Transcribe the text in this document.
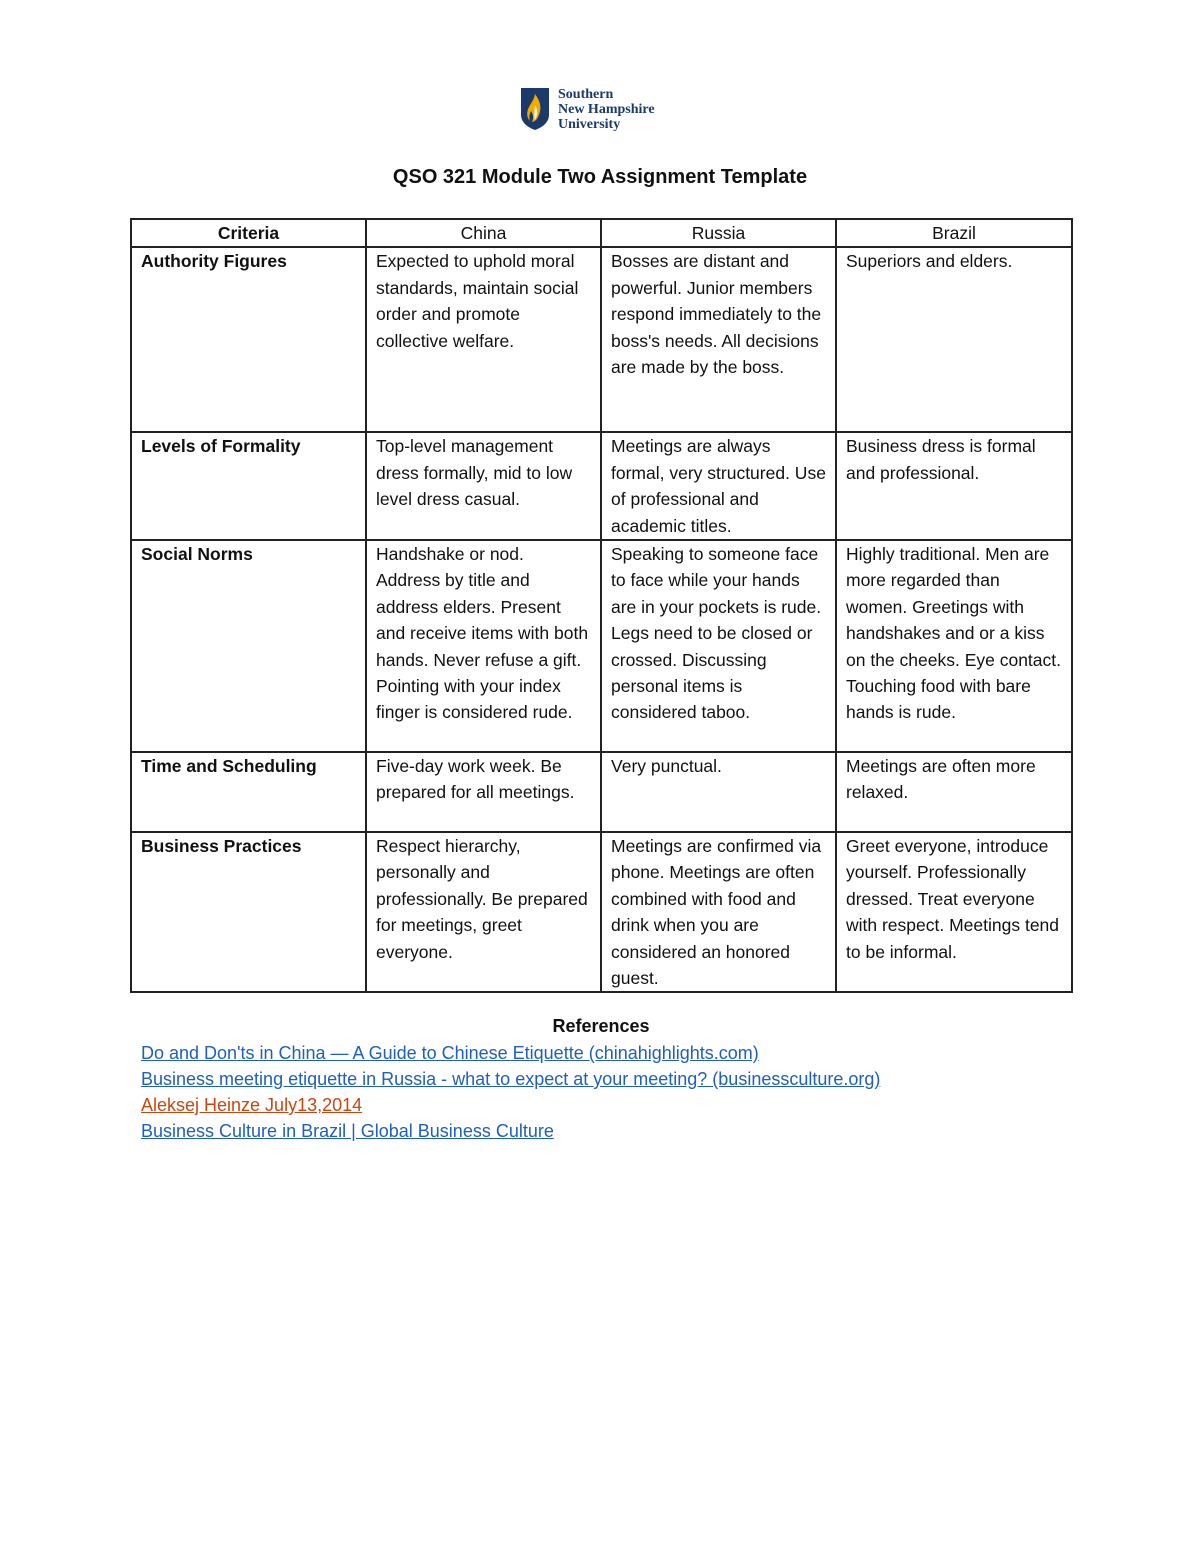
Southern
New Hampshire
University
QSO 321 Module Two Assignment Template
Criteria	China	Russia	Brazil
Authority Figures	Expected to uphold moral standards, maintain social order and promote collective welfare.	Bosses are distant and powerful. Junior members respond immediately to the boss's needs. All decisions are made by the boss.	Superiors and elders.
Levels of Formality	Top-level management dress formally, mid to low level dress casual.	Meetings are always formal, very structured. Use of professional and academic titles.	Business dress is formal and professional.
Social Norms	Handshake or nod. Address by title and address elders. Present and receive items with both hands. Never refuse a gift. Pointing with your index finger is considered rude.	Speaking to someone face to face while your hands are in your pockets is rude. Legs need to be closed or crossed. Discussing personal items is considered taboo.	Highly traditional. Men are more regarded than women. Greetings with handshakes and or a kiss on the cheeks. Eye contact. Touching food with bare hands is rude.
Time and Scheduling	Five-day work week. Be prepared for all meetings.	Very punctual.	Meetings are often more relaxed.
Business Practices	Respect hierarchy, personally and professionally. Be prepared for meetings, greet everyone.	Meetings are confirmed via phone. Meetings are often combined with food and drink when you are considered an honored guest.	Greet everyone, introduce yourself. Professionally dressed. Treat everyone with respect. Meetings tend to be informal.
References
Do and Don'ts in China — A Guide to Chinese Etiquette (chinahighlights.com)
Business meeting etiquette in Russia - what to expect at your meeting? (businessculture.org)
Aleksej Heinze July13,2014
Business Culture in Brazil | Global Business Culture
